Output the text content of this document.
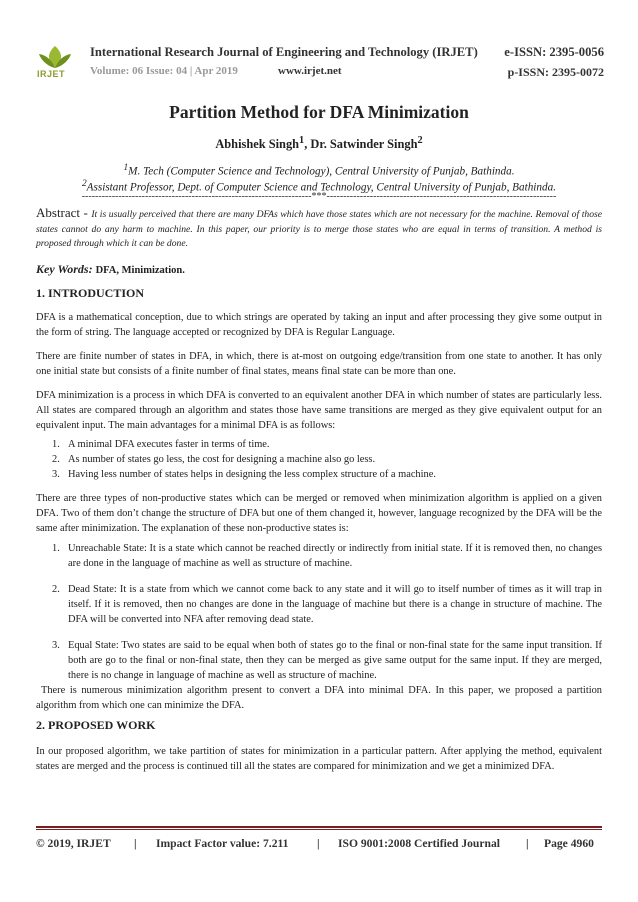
IRJET
International Research Journal of Engineering and Technology (IRJET) e-ISSN: 2395-0056
Volume: 06 Issue: 04 | Apr 2019	www.irjet.net	p-ISSN: 2395-0072
Partition Method for DFA Minimization
Abhishek Singh$^1$, Dr. Satwinder Singh$^2$
$^1$M. Tech (Computer Science and Technology), Central University of Punjab, Bathinda.
$^2$Assistant Professor, Dept. of Computer Science and Technology, Central University of Punjab, Bathinda.
---------------------------------------------------------------------***---------------------------------------------------------------------
Abstract - It is usually perceived that there are many DFAs which have those states which are not necessary for the machine. Removal of those states cannot do any harm to machine. In this paper, our priority is to merge those states who are equal in terms of transition. A method is proposed through which it can be done.
Key Words: DFA, Minimization.
1. INTRODUCTION
DFA is a mathematical conception, due to which strings are operated by taking an input and after processing they give some output in the form of string. The language accepted or recognized by DFA is Regular Language.
There are finite number of states in DFA, in which, there is at-most on outgoing edge/transition from one state to another. It has only one initial state but consists of a finite number of final states, means final state can be more than one.
DFA minimization is a process in which DFA is converted to an equivalent another DFA in which number of states are particularly less. All states are compared through an algorithm and states those have same transitions are merged as they give equivalent output for an equivalent input. The main advantages for a minimal DFA is as follows:
1. A minimal DFA executes faster in terms of time.
2. As number of states go less, the cost for designing a machine also go less.
3. Having less number of states helps in designing the less complex structure of a machine.
There are three types of non-productive states which can be merged or removed when minimization algorithm is applied on a given DFA. Two of them don’t change the structure of DFA but one of them changed it, however, language recognized by the DFA will be the same after minimization. The explanation of these non-productive states is:
1. Unreachable State: It is a state which cannot be reached directly or indirectly from initial state. If it is removed then, no changes are done in the language of machine as well as structure of machine.
2. Dead State: It is a state from which we cannot come back to any state and it will go to itself number of times as it will trap in itself. If it is removed, then no changes are done in the language of machine but there is a change in structure of machine. The DFA will be converted into NFA after removing dead state.
3. Equal State: Two states are said to be equal when both of states go to the final or non-final state for the same input transition. If both are go to the final or non-final state, then they can be merged as give same output for the same input. If they are merged, there is no change in language of machine as well as structure of machine.
There is numerous minimization algorithm present to convert a DFA into minimal DFA. In this paper, we proposed a partition algorithm from which one can minimize the DFA.
2. PROPOSED WORK
In our proposed algorithm, we take partition of states for minimization in a particular pattern. After applying the method, equivalent states are merged and the process is continued till all the states are compared for minimization and we get a minimized DFA.
© 2019, IRJET | Impact Factor value: 7.211 | ISO 9001:2008 Certified Journal | Page 4960
